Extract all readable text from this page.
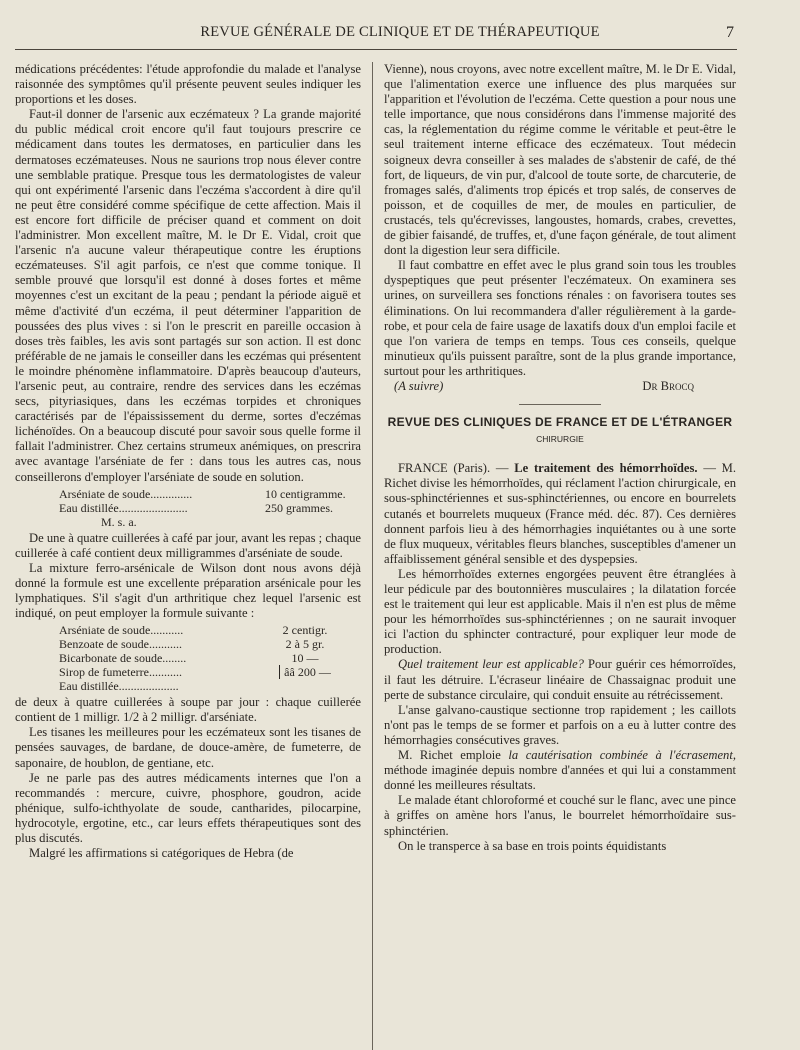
REVUE GÉNÉRALE DE CLINIQUE ET DE THÉRAPEUTIQUE	7

médications précédentes: l'étude approfondie du malade et l'analyse raisonnée des symptômes qu'il présente peuvent seules indiquer les proportions et les doses.

Faut-il donner de l'arsenic aux eczémateux ? La grande majorité du public médical croit encore qu'il faut toujours prescrire ce médicament dans toutes les dermatoses, en particulier dans les dermatoses eczémateuses. Nous ne saurions trop nous élever contre une semblable pratique. Presque tous les dermatologistes de valeur qui ont expérimenté l'arsenic dans l'eczéma s'accordent à dire qu'il ne peut être considéré comme spécifique de cette affection. Mais il est encore fort difficile de préciser quand et comment on doit l'administrer. Mon excellent maître, M. le Dr E. Vidal, croit que l'arsenic n'a aucune valeur thérapeutique contre les éruptions eczémateuses. S'il agit parfois, ce n'est que comme tonique. Il semble prouvé que lorsqu'il est donné à doses fortes et même moyennes c'est un excitant de la peau ; pendant la période aiguë et même d'activité d'un eczéma, il peut déterminer l'apparition de poussées des plus vives : si l'on le prescrit en pareille occasion à doses très faibles, les avis sont partagés sur son action. Il est donc préférable de ne jamais le conseiller dans les eczémas qui présentent le moindre phénomène inflammatoire. D'après beaucoup d'auteurs, l'arsenic peut, au contraire, rendre des services dans les eczémas secs, pityriasiques, dans les eczémas torpides et chroniques caractérisés par de l'épaississement du derme, sortes d'eczémas lichénoïdes. On a beaucoup discuté pour savoir sous quelle forme il fallait l'administrer. Chez certains strumeux anémiques, on prescrira avec avantage l'arséniate de fer : dans tous les autres cas, nous conseillerons d'employer l'arséniate de soude en solution.

Arséniate de soude..............	10 centigramme.
Eau distillée.......................	250 grammes.
M. s. a.

De une à quatre cuillerées à café par jour, avant les repas ; chaque cuillerée à café contient deux milligrammes d'arséniate de soude.

La mixture ferro-arsénicale de Wilson dont nous avons déjà donné la formule est une excellente préparation arsénicale pour les lymphatiques. S'il s'agit d'un arthritique chez lequel l'arsenic est indiqué, on peut employer la formule suivante :

Arséniate de soude...........	2 centigr.
Benzoate de soude...........	2 à 5 gr.
Bicarbonate de soude........	10 —
Sirop de fumeterre...........	ââ 200 —
Eau distillée....................

de deux à quatre cuillerées à soupe par jour : chaque cuillerée contient de 1 milligr. 1/2 à 2 milligr. d'arséniate.

Les tisanes les meilleures pour les eczémateux sont les tisanes de pensées sauvages, de bardane, de douce-amère, de fumeterre, de saponaire, de houblon, de gentiane, etc.

Je ne parle pas des autres médicaments internes que l'on a recommandés : mercure, cuivre, phosphore, goudron, acide phénique, sulfo-ichthyolate de soude, cantharides, pilocarpine, hydrocotyle, ergotine, etc., car leurs effets thérapeutiques sont des plus discutés.

Malgré les affirmations si catégoriques de Hebra (de

Vienne), nous croyons, avec notre excellent maître, M. le Dr E. Vidal, que l'alimentation exerce une influence des plus marquées sur l'apparition et l'évolution de l'eczéma. Cette question a pour nous une telle importance, que nous considérons dans l'immense majorité des cas, la réglementation du régime comme le véritable et peut-être le seul traitement interne efficace des eczémateux. Tout médecin soigneux devra conseiller à ses malades de s'abstenir de café, de thé fort, de liqueurs, de vin pur, d'alcool de toute sorte, de charcuterie, de fromages salés, d'aliments trop épicés et trop salés, de conserves de poisson, et de coquilles de mer, de moules en particulier, de crustacés, tels qu'écrevisses, langoustes, homards, crabes, crevettes, de gibier faisandé, de truffes, et, d'une façon générale, de tout aliment dont la digestion leur sera difficile.

Il faut combattre en effet avec le plus grand soin tous les troubles dyspeptiques que peut présenter l'eczémateux. On examinera ses urines, on surveillera ses fonctions rénales : on favorisera toutes ses éliminations. On lui recommandera d'aller régulièrement à la garde-robe, et pour cela de faire usage de laxatifs doux d'un emploi facile et que l'on variera de temps en temps. Tous ces conseils, quelque minutieux qu'ils puissent paraître, sont de la plus grande importance, surtout pour les arthritiques.

(A suivre)	Dr Brocq
REVUE DES CLINIQUES DE FRANCE ET DE L'ÉTRANGER
CHIRURGIE

FRANCE (Paris). — Le traitement des hémorrhoïdes. — M. Richet divise les hémorrhoïdes, qui réclament l'action chirurgicale, en sous-sphinctériennes et sus-sphinctériennes, ou encore en bourrelets cutanés et bourrelets muqueux (France méd. déc. 87). Ces dernières donnent parfois lieu à des hémorrhagies inquiétantes ou à une sorte de flux muqueux, véritables fleurs blanches, susceptibles d'amener un affaiblissement général sensible et des dyspepsies.

Les hémorrhoïdes externes engorgées peuvent être étranglées à leur pédicule par des boutonnières musculaires ; la dilatation forcée est le traitement qui leur est applicable. Mais il n'en est plus de même pour les hémorrhoïdes sus-sphinctériennes ; on ne saurait invoquer ici l'action du sphincter contracturé, pour expliquer leur mode de production.

Quel traitement leur est applicable? Pour guérir ces hémorroïdes, il faut les détruire. L'écraseur linéaire de Chassaignac produit une perte de substance circulaire, qui conduit ensuite au rétrécissement.

L'anse galvano-caustique sectionne trop rapidement ; les caillots n'ont pas le temps de se former et parfois on a eu à lutter contre des hémorrhagies consécutives graves.

M. Richet emploie la cautérisation combinée à l'écrasement, méthode imaginée depuis nombre d'années et qui lui a constamment donné les meilleures résultats.

Le malade étant chloroformé et couché sur le flanc, avec une pince à griffes on amène hors l'anus, le bourrelet hémorrhoïdaire sus-sphinctérien.

On le transperce à sa base en trois points équidistants
